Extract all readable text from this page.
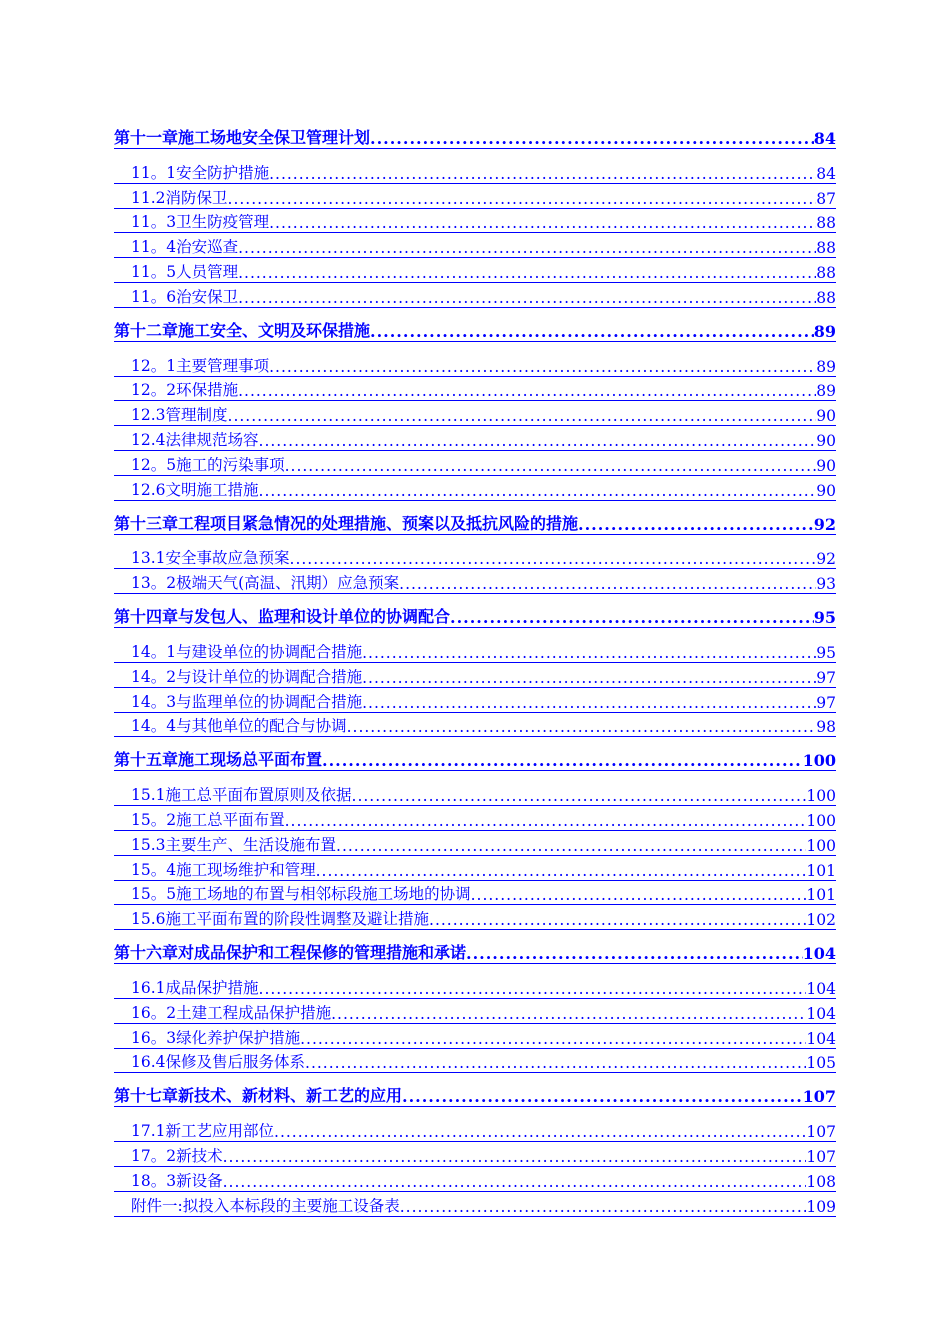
第十一章施工场地安全保卫管理计划 .....	84
11。1安全防护措施 .....	84
11.2消防保卫 .....	87
11。3卫生防疫管理 .....	88
11。4治安巡查 .....	88
11。5人员管理 .....	88
11。6治安保卫 .....	88
第十二章施工安全、文明及环保措施 .....	89
12。1主要管理事项 .....	89
12。2环保措施 .....	89
12.3管理制度 .....	90
12.4法律规范场容 .....	90
12。5施工的污染事项 .....	90
12.6文明施工措施 .....	90
第十三章工程项目紧急情况的处理措施、预案以及抵抗风险的措施 .....	92
13.1安全事故应急预案 .....	92
13。2极端天气(高温、汛期）应急预案 .....	93
第十四章与发包人、监理和设计单位的协调配合 .....	95
14。1与建设单位的协调配合措施 .....	95
14。2与设计单位的协调配合措施 .....	97
14。3与监理单位的协调配合措施 .....	97
14。4与其他单位的配合与协调 .....	98
第十五章施工现场总平面布置 .....	100
15.1施工总平面布置原则及依据 .....	100
15。2施工总平面布置 .....	100
15.3主要生产、生活设施布置 .....	100
15。4施工现场维护和管理 .....	101
15。5施工场地的布置与相邻标段施工场地的协调 .....	101
15.6施工平面布置的阶段性调整及避让措施 .....	102
第十六章对成品保护和工程保修的管理措施和承诺 .....	104
16.1成品保护措施 .....	104
16。2土建工程成品保护措施 .....	104
16。3绿化养护保护措施 .....	104
16.4保修及售后服务体系 .....	105
第十七章新技术、新材料、新工艺的应用 .....	107
17.1新工艺应用部位 .....	107
17。2新技术 .....	107
18。3新设备 .....	108
附件一:拟投入本标段的主要施工设备表 .....	109
